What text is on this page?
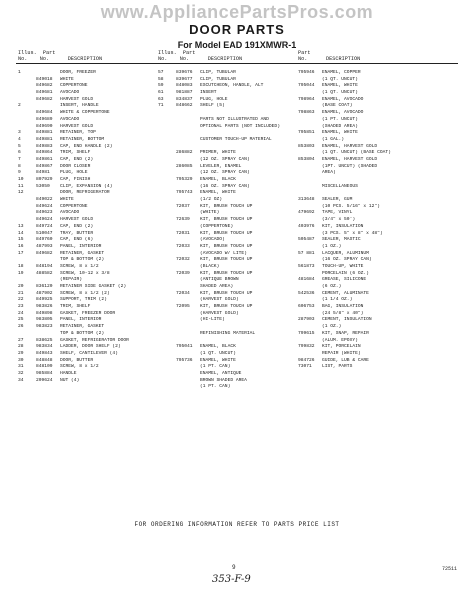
www.AppliancePartsPros.com
DOOR PARTS
For Model EAD 191XMWR-1
Illus.  Part
No.    No.      DESCRIPTION
Illus.  Part
No.    No.      DESCRIPTION
Part
No.      DESCRIPTION
1	DOOR, FREEZER
849018	WHITE
849682	COPPERTONE
849681	AVOCADO
849682	HARVEST GOLD
2	INSERT, HANDLE
849684	WHITE & COPPERTONE
849689	AVOCADO
849690	HARVEST GOLD
3	849881	RETAINER, TOP
4	849881	RETAINER, BOTTOM
5	849883	CAP, END HANDLE (2)
6	849864	TRIM, SHELF
7	849861	CAP, END (2)
8	849867	DOOR CLOSER
9	84981	PLUG, HOLE
10	807929	CAP, FINISH
11	53050	CLIP, EXPANSION (4)
12	DOOR, REFRIGERATOR
849022	WHITE
849624	COPPERTONE
849623	AVOCADO
849624	HARVEST GOLD
13	849724	CAP, END (2)
14	510047	TRAY, BUTTER
15	849760	CAP, END (6)
16	487993	PANEL, INTERIOR
17	849682	RETAINER, GASKET
TOP & BOTTOM (2)
18	848194	SCREW, 8 x 1/2
19	488582	SCREW, 10-12 x 3/8
(REPAIR)
20	836120	RETAINER SIDE GASKET (2)
21	487902	SCREW, 8 x 1/2 (2)
22	849925	SUPPORT, TRIM (2)
23	983826	TRIM, SHELF
24	849898	GASKET, FREEZER DOOR
25	983805	PANEL, INTERIOR
26	983823	RETAINER, GASKET
TOP & BOTTOM (2)
27	838625	GASKET, REFRIGERATOR DOOR
28	983834	LADDER, DOOR SHELF (2)
29	849843	SHELF, CANTILEVER (4)
30	848848	DOOR, BUTTER
31	848109	SCREW, 8 x 1/2
32	985884	HANDLE
34	209624	NUT (4)
57	839676	CLIP, TUBULAR
58	839677	CLIP, TUBULAR
59	848083	ESCUTCHEON, HANDLE, ALT
61	981887	INSERT
63	834837	PLUG, HOLE
71	848662	SHELF (5)
PARTS NOT ILLUSTRATED AND
OPTIONAL PARTS (NOT INCLUDED)
CUSTOMER TOUCH-UP MATERIAL
286882	PRIMER, WHITE
(12 OZ. SPRAY CAN)
286085	LEVELER, ENAMEL
(12 OZ. SPRAY CAN)
795329	ENAMEL, BLACK
(16 OZ. SPRAY CAN)
795743	ENAMEL, WHITE
(1/2 OZ)
72037	KIT, BRUSH TOUCH UP
(WHITE)
72639	KIT, BRUSH TOUCH UP
(COPPERTONE)
72031	KIT, BRUSH TOUCH UP
(AVOCADO)
72033	KIT, BRUSH TOUCH UP
(AVOCADO W/ LITE)
72032	KIT, BRUSH TOUCH UP
(BLACK)
72039	KIT, BRUSH TOUCH UP
(ANTIQUE BROWN
SHADED AREA)
72034	KIT, BRUSH TOUCH UP
(HARVEST GOLD)
72095	KIT, BRUSH TOUCH UP
(HARVEST GOLD)
(HI-LITE)
REFINISHING MATERIAL
795041	ENAMEL, BLACK
(1 QT. UNCUT)
795736	ENAMEL, WHITE
(1 PT. CAN)
ENAMEL, ANTIQUE
BROWN SHADED AREA
(1 PT. CAN)
795946	ENAMEL, COPPER
(1 QT. UNCUT)
795044	ENAMEL, WHITE
(1 QT. UNCUT)
798964	ENAMEL, AVOCADO
(BASE COAT)
798863	ENAMEL, AVOCADO
(1 PT. UNCUT)
(SHADED AREA)
795851	ENAMEL, WHITE
(1 GAL.)
853803	ENAMEL, HARVEST GOLD
(1 QT. UNCUT) (BASE COAT)
853804	ENAMEL, HARVEST GOLD
(1PT. UNCUT) (SHADED
AREA)
MISCELLANEOUS
313648	SEALER, GUM
(10 PCS. 5/16" x 12")
479692	TAPE, VINYL
(3/4" x 50')
403976	KIT, INSULATION
(3 PCS. 5" x 8" x 48")
505487	SEALER, MASTIC
(1 OZ.)
57 881	LACQUER, ALUMINUM
(16 OZ. SPRAY CAN)
561873	TOUCH-UP, WHITE
PORCELAIN (6 OZ.)
481684	GREASE, SILICONE
(6 OZ.)
542536	CEMENT, ALUMINATE
(1 1/4 OZ.)
606753	BAG, INSULATION
(24 5/8" x 40")
287903	CEMENT, INSULATION
(1 OZ.)
799615	KIT, SNAP, REPAIR
(ALUM. EPOXY)
799832	KIT, PORCELAIN
REPAIR (WHITE)
984726	GUIDE, LUB & CARE
73071	LIST, PARTS
FOR ORDERING INFORMATION REFER TO PARTS PRICE LIST
9	72511
353-F-9
